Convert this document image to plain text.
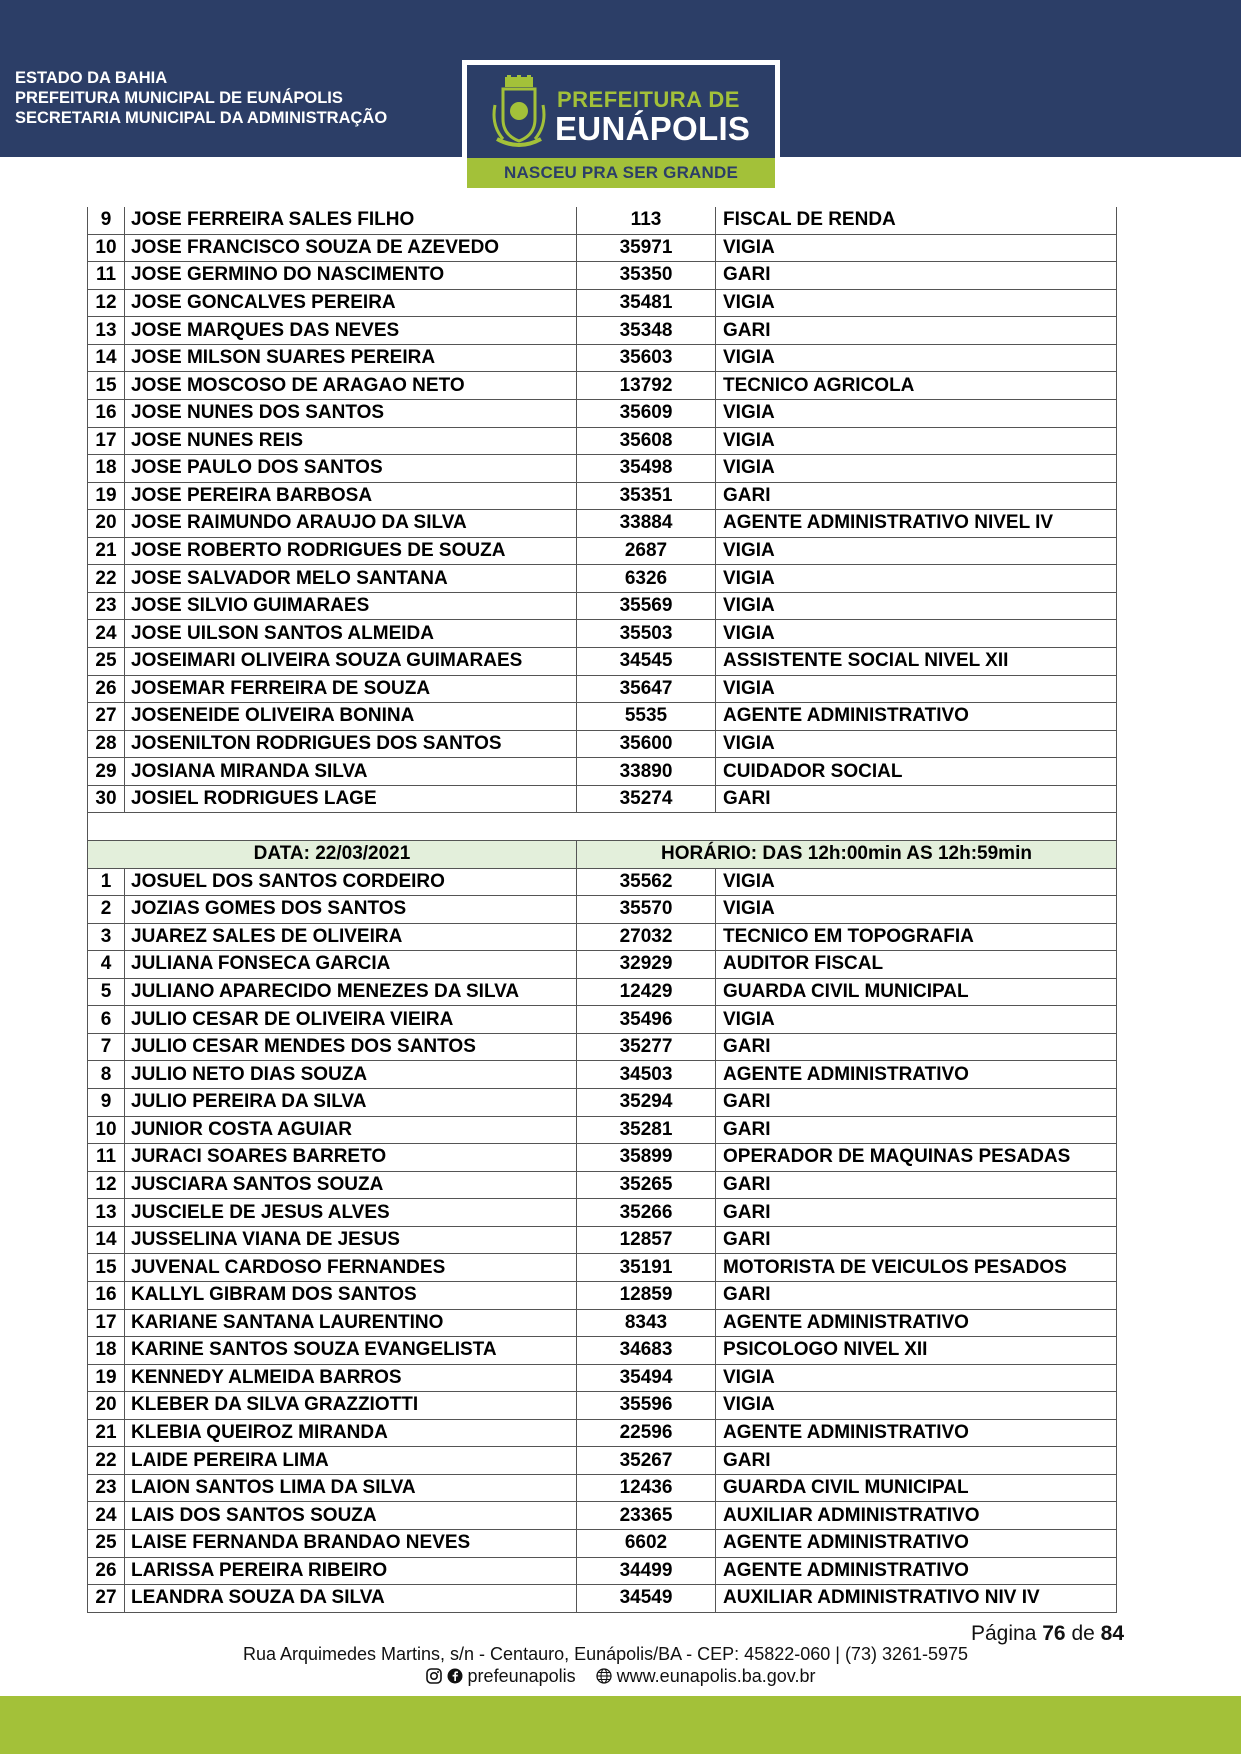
ESTADO DA BAHIA
PREFEITURA MUNICIPAL DE EUNÁPOLIS
SECRETARIA MUNICIPAL DA ADMINISTRAÇÃO
PREFEITURA DE
EUNÁPOLIS
NASCEU PRA SER GRANDE
9	JOSE FERREIRA SALES FILHO	113	FISCAL DE RENDA
10	JOSE FRANCISCO SOUZA DE AZEVEDO	35971	VIGIA
11	JOSE GERMINO DO NASCIMENTO	35350	GARI
12	JOSE GONCALVES PEREIRA	35481	VIGIA
13	JOSE MARQUES DAS NEVES	35348	GARI
14	JOSE MILSON SUARES PEREIRA	35603	VIGIA
15	JOSE MOSCOSO DE ARAGAO NETO	13792	TECNICO AGRICOLA
16	JOSE NUNES DOS SANTOS	35609	VIGIA
17	JOSE NUNES REIS	35608	VIGIA
18	JOSE PAULO DOS SANTOS	35498	VIGIA
19	JOSE PEREIRA BARBOSA	35351	GARI
20	JOSE RAIMUNDO ARAUJO DA SILVA	33884	AGENTE ADMINISTRATIVO NIVEL IV
21	JOSE ROBERTO RODRIGUES DE SOUZA	2687	VIGIA
22	JOSE SALVADOR MELO SANTANA	6326	VIGIA
23	JOSE SILVIO GUIMARAES	35569	VIGIA
24	JOSE UILSON SANTOS ALMEIDA	35503	VIGIA
25	JOSEIMARI OLIVEIRA SOUZA GUIMARAES	34545	ASSISTENTE SOCIAL NIVEL XII
26	JOSEMAR FERREIRA DE SOUZA	35647	VIGIA
27	JOSENEIDE OLIVEIRA BONINA	5535	AGENTE ADMINISTRATIVO
28	JOSENILTON RODRIGUES DOS SANTOS	35600	VIGIA
29	JOSIANA MIRANDA SILVA	33890	CUIDADOR SOCIAL
30	JOSIEL RODRIGUES LAGE	35274	GARI

DATA: 22/03/2021		HORÁRIO: DAS 12h:00min AS 12h:59min	
1	JOSUEL DOS SANTOS CORDEIRO	35562	VIGIA
2	JOZIAS GOMES DOS SANTOS	35570	VIGIA
3	JUAREZ SALES DE OLIVEIRA	27032	TECNICO EM TOPOGRAFIA
4	JULIANA FONSECA GARCIA	32929	AUDITOR FISCAL
5	JULIANO APARECIDO MENEZES DA SILVA	12429	GUARDA CIVIL MUNICIPAL
6	JULIO CESAR DE OLIVEIRA VIEIRA	35496	VIGIA
7	JULIO CESAR MENDES DOS SANTOS	35277	GARI
8	JULIO NETO DIAS SOUZA	34503	AGENTE ADMINISTRATIVO
9	JULIO PEREIRA DA SILVA	35294	GARI
10	JUNIOR COSTA AGUIAR	35281	GARI
11	JURACI SOARES BARRETO	35899	OPERADOR DE MAQUINAS PESADAS
12	JUSCIARA SANTOS SOUZA	35265	GARI
13	JUSCIELE DE JESUS ALVES	35266	GARI
14	JUSSELINA VIANA DE JESUS	12857	GARI
15	JUVENAL CARDOSO FERNANDES	35191	MOTORISTA DE VEICULOS PESADOS
16	KALLYL GIBRAM DOS SANTOS	12859	GARI
17	KARIANE SANTANA LAURENTINO	8343	AGENTE ADMINISTRATIVO
18	KARINE SANTOS SOUZA EVANGELISTA	34683	PSICOLOGO NIVEL XII
19	KENNEDY ALMEIDA BARROS	35494	VIGIA
20	KLEBER DA SILVA GRAZZIOTTI	35596	VIGIA
21	KLEBIA QUEIROZ MIRANDA	22596	AGENTE ADMINISTRATIVO
22	LAIDE PEREIRA LIMA	35267	GARI
23	LAION SANTOS LIMA DA SILVA	12436	GUARDA CIVIL MUNICIPAL
24	LAIS DOS SANTOS SOUZA	23365	AUXILIAR ADMINISTRATIVO
25	LAISE FERNANDA BRANDAO NEVES	6602	AGENTE ADMINISTRATIVO
26	LARISSA PEREIRA RIBEIRO	34499	AGENTE ADMINISTRATIVO
27	LEANDRA SOUZA DA SILVA	34549	AUXILIAR ADMINISTRATIVO NIV IV
Página 76 de 84
Rua Arquimedes Martins, s/n - Centauro, Eunápolis/BA - CEP: 45822-060 | (73) 3261-5975
prefeunapolis www.eunapolis.ba.gov.br
